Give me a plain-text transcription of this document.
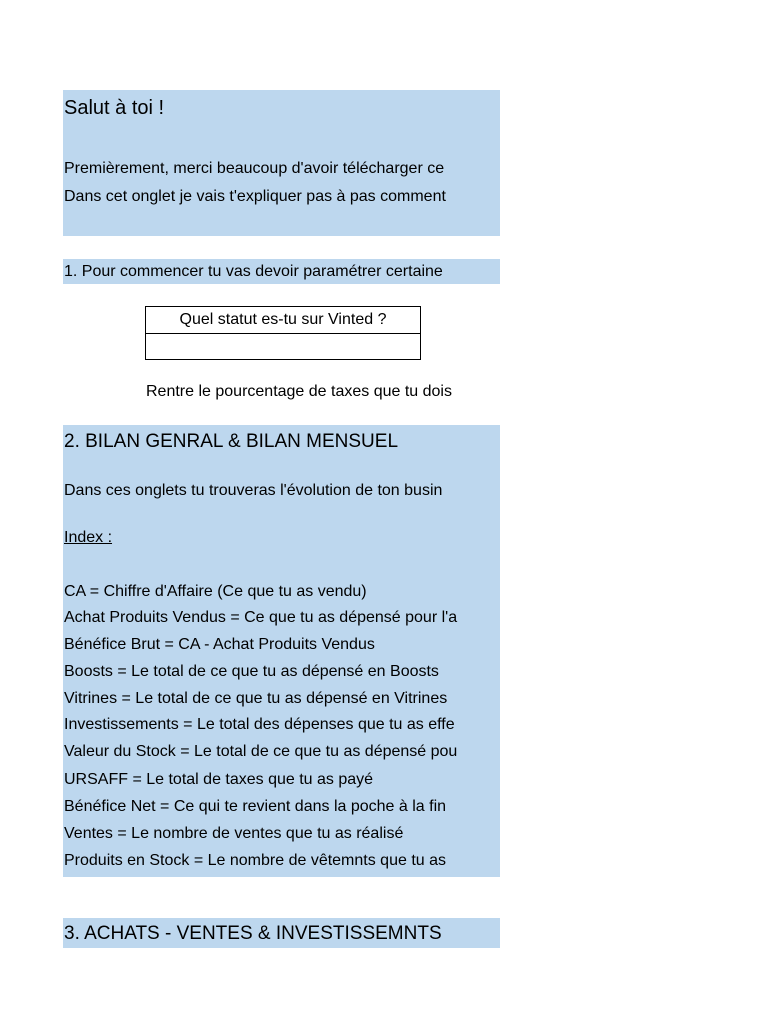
Salut à toi !
Premièrement, merci beaucoup d'avoir télécharger ce
Dans cet onglet je vais t'expliquer pas à pas comment
1. Pour commencer tu vas devoir paramétrer certaine
Quel statut es-tu sur Vinted ?
Rentre le pourcentage de taxes que tu dois
2. BILAN GENRAL & BILAN MENSUEL
Dans ces onglets tu trouveras l'évolution de ton busin
Index :
CA = Chiffre d'Affaire (Ce que tu as vendu)
Achat Produits Vendus = Ce que tu as dépensé pour l'a
Bénéfice Brut = CA - Achat Produits Vendus
Boosts = Le total de ce que tu as dépensé en Boosts
Vitrines = Le total de ce que tu as dépensé en Vitrines
Investissements = Le total des dépenses que tu as effe
Valeur du Stock = Le total de ce que tu as dépensé pou
URSAFF = Le total de taxes que tu as payé
Bénéfice Net = Ce qui te revient dans la poche à la fin
Ventes = Le nombre de ventes que tu as réalisé
Produits en Stock = Le nombre de vêtemnts que tu as
3. ACHATS - VENTES & INVESTISSEMNTS
